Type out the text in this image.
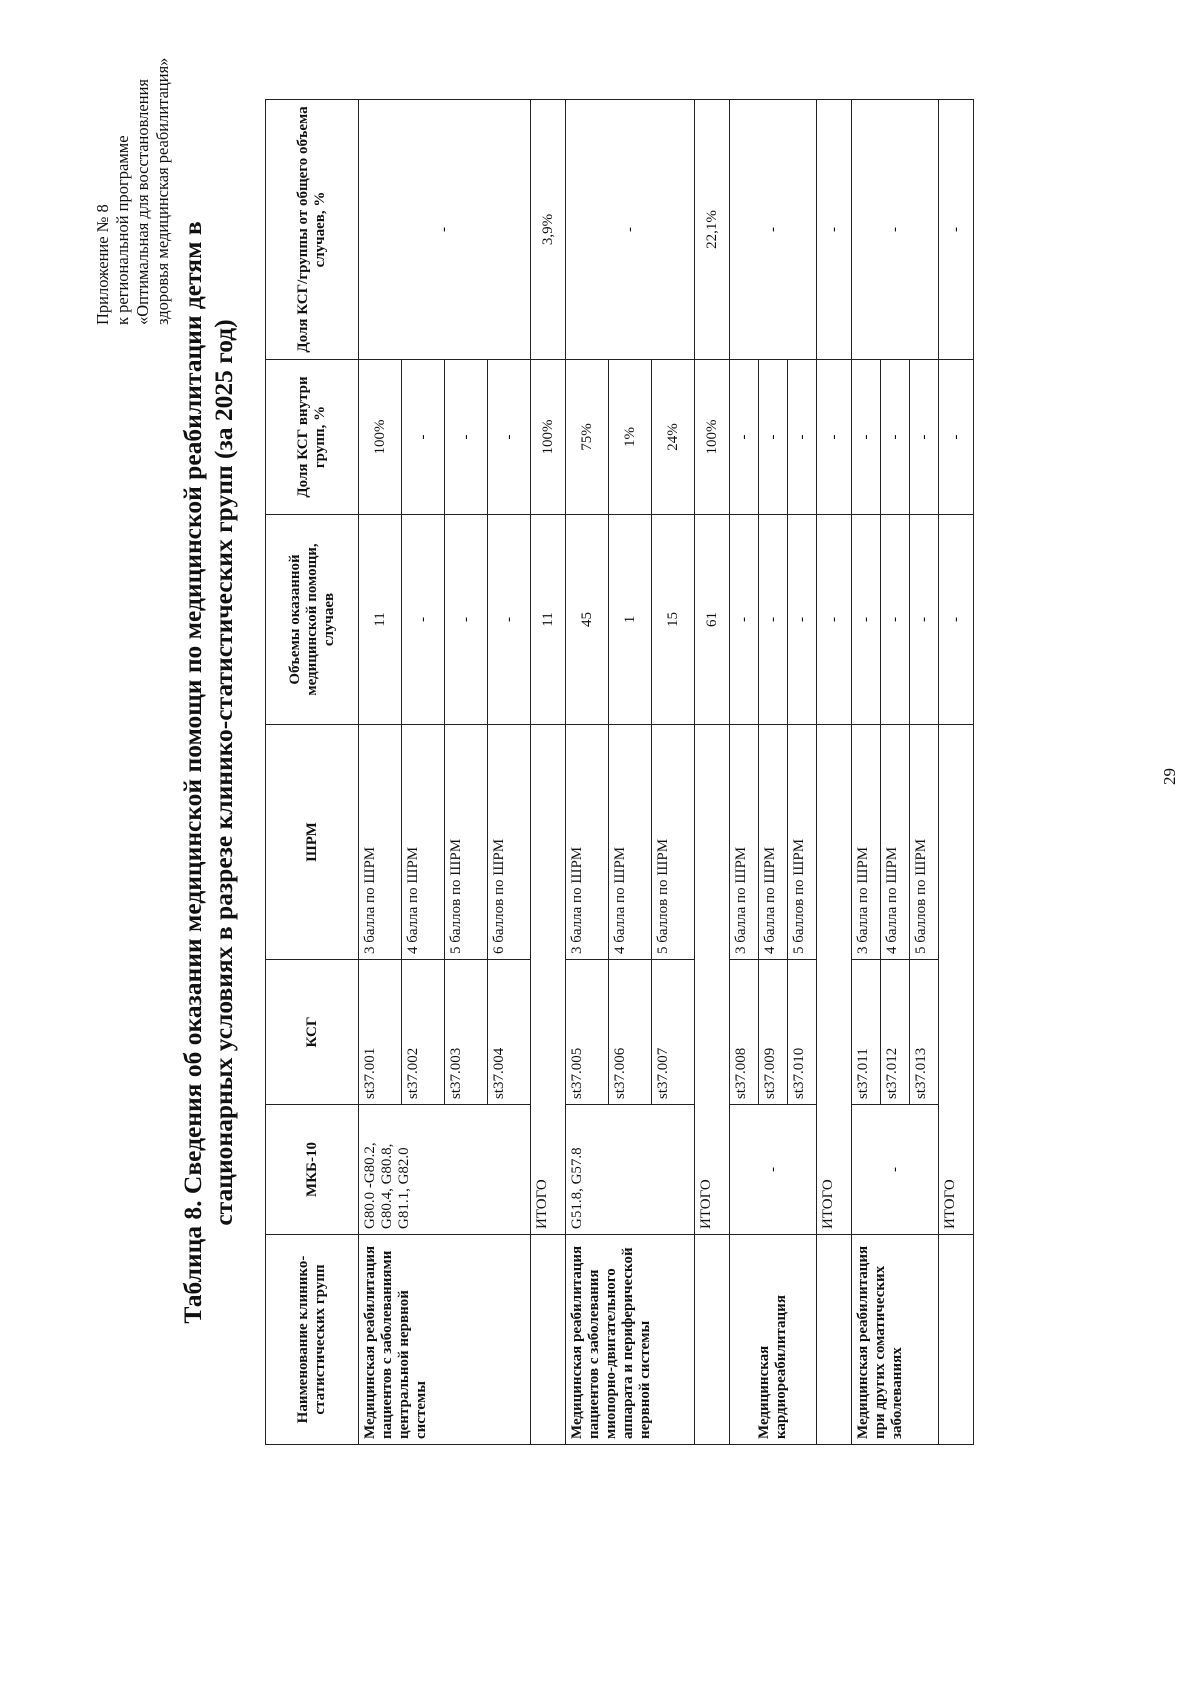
Приложение № 8 к региональной программе «Оптимальная для восстановления здоровья медицинская реабилитация»
Таблица 8. Сведения об оказании медицинской помощи по медицинской реабилитации детям в стационарных условиях в разрезе клинико-статистических групп (за 2025 год)
Наименование клинико-статистических групп	МКБ-10	КСГ	ШРМ	Объемы оказанной медицинской помощи, случаев	Доля КСГ внутри групп, %	Доля КСГ/группы от общего объема случаев, %
Медицинская реабилитация пациентов с заболеваниями центральной нервной системы	G80.0 -G80.2, G80.4, G80.8, G81.1, G82.0	st37.001	3 балла по ШРМ	11	100%	-
		st37.002	4 балла по ШРМ	-	-	
		st37.003	5 баллов по ШРМ	-	-	
		st37.004	6 баллов по ШРМ	-	-	
	ИТОГО			11	100%	3,9%
Медицинская реабилитация пациентов с заболевания миопорно-двигательного аппарата и периферической нервной системы	G51.8, G57.8	st37.005	3 балла по ШРМ	45	75%	-
		st37.006	4 балла по ШРМ	1	1%	
		st37.007	5 баллов по ШРМ	15	24%	
	ИТОГО			61	100%	22,1%
Медицинская кардиореабилитация	-	st37.008	3 балла по ШРМ	-	-	-
		st37.009	4 балла по ШРМ	-	-	
		st37.010	5 баллов по ШРМ	-	-	
	ИТОГО			-	-	-
Медицинская реабилитация при других соматических заболеваниях	-	st37.011	3 балла по ШРМ	-	-	-
		st37.012	4 балла по ШРМ	-	-	
		st37.013	5 баллов по ШРМ	-	-	
	ИТОГО			-	-	-
29
